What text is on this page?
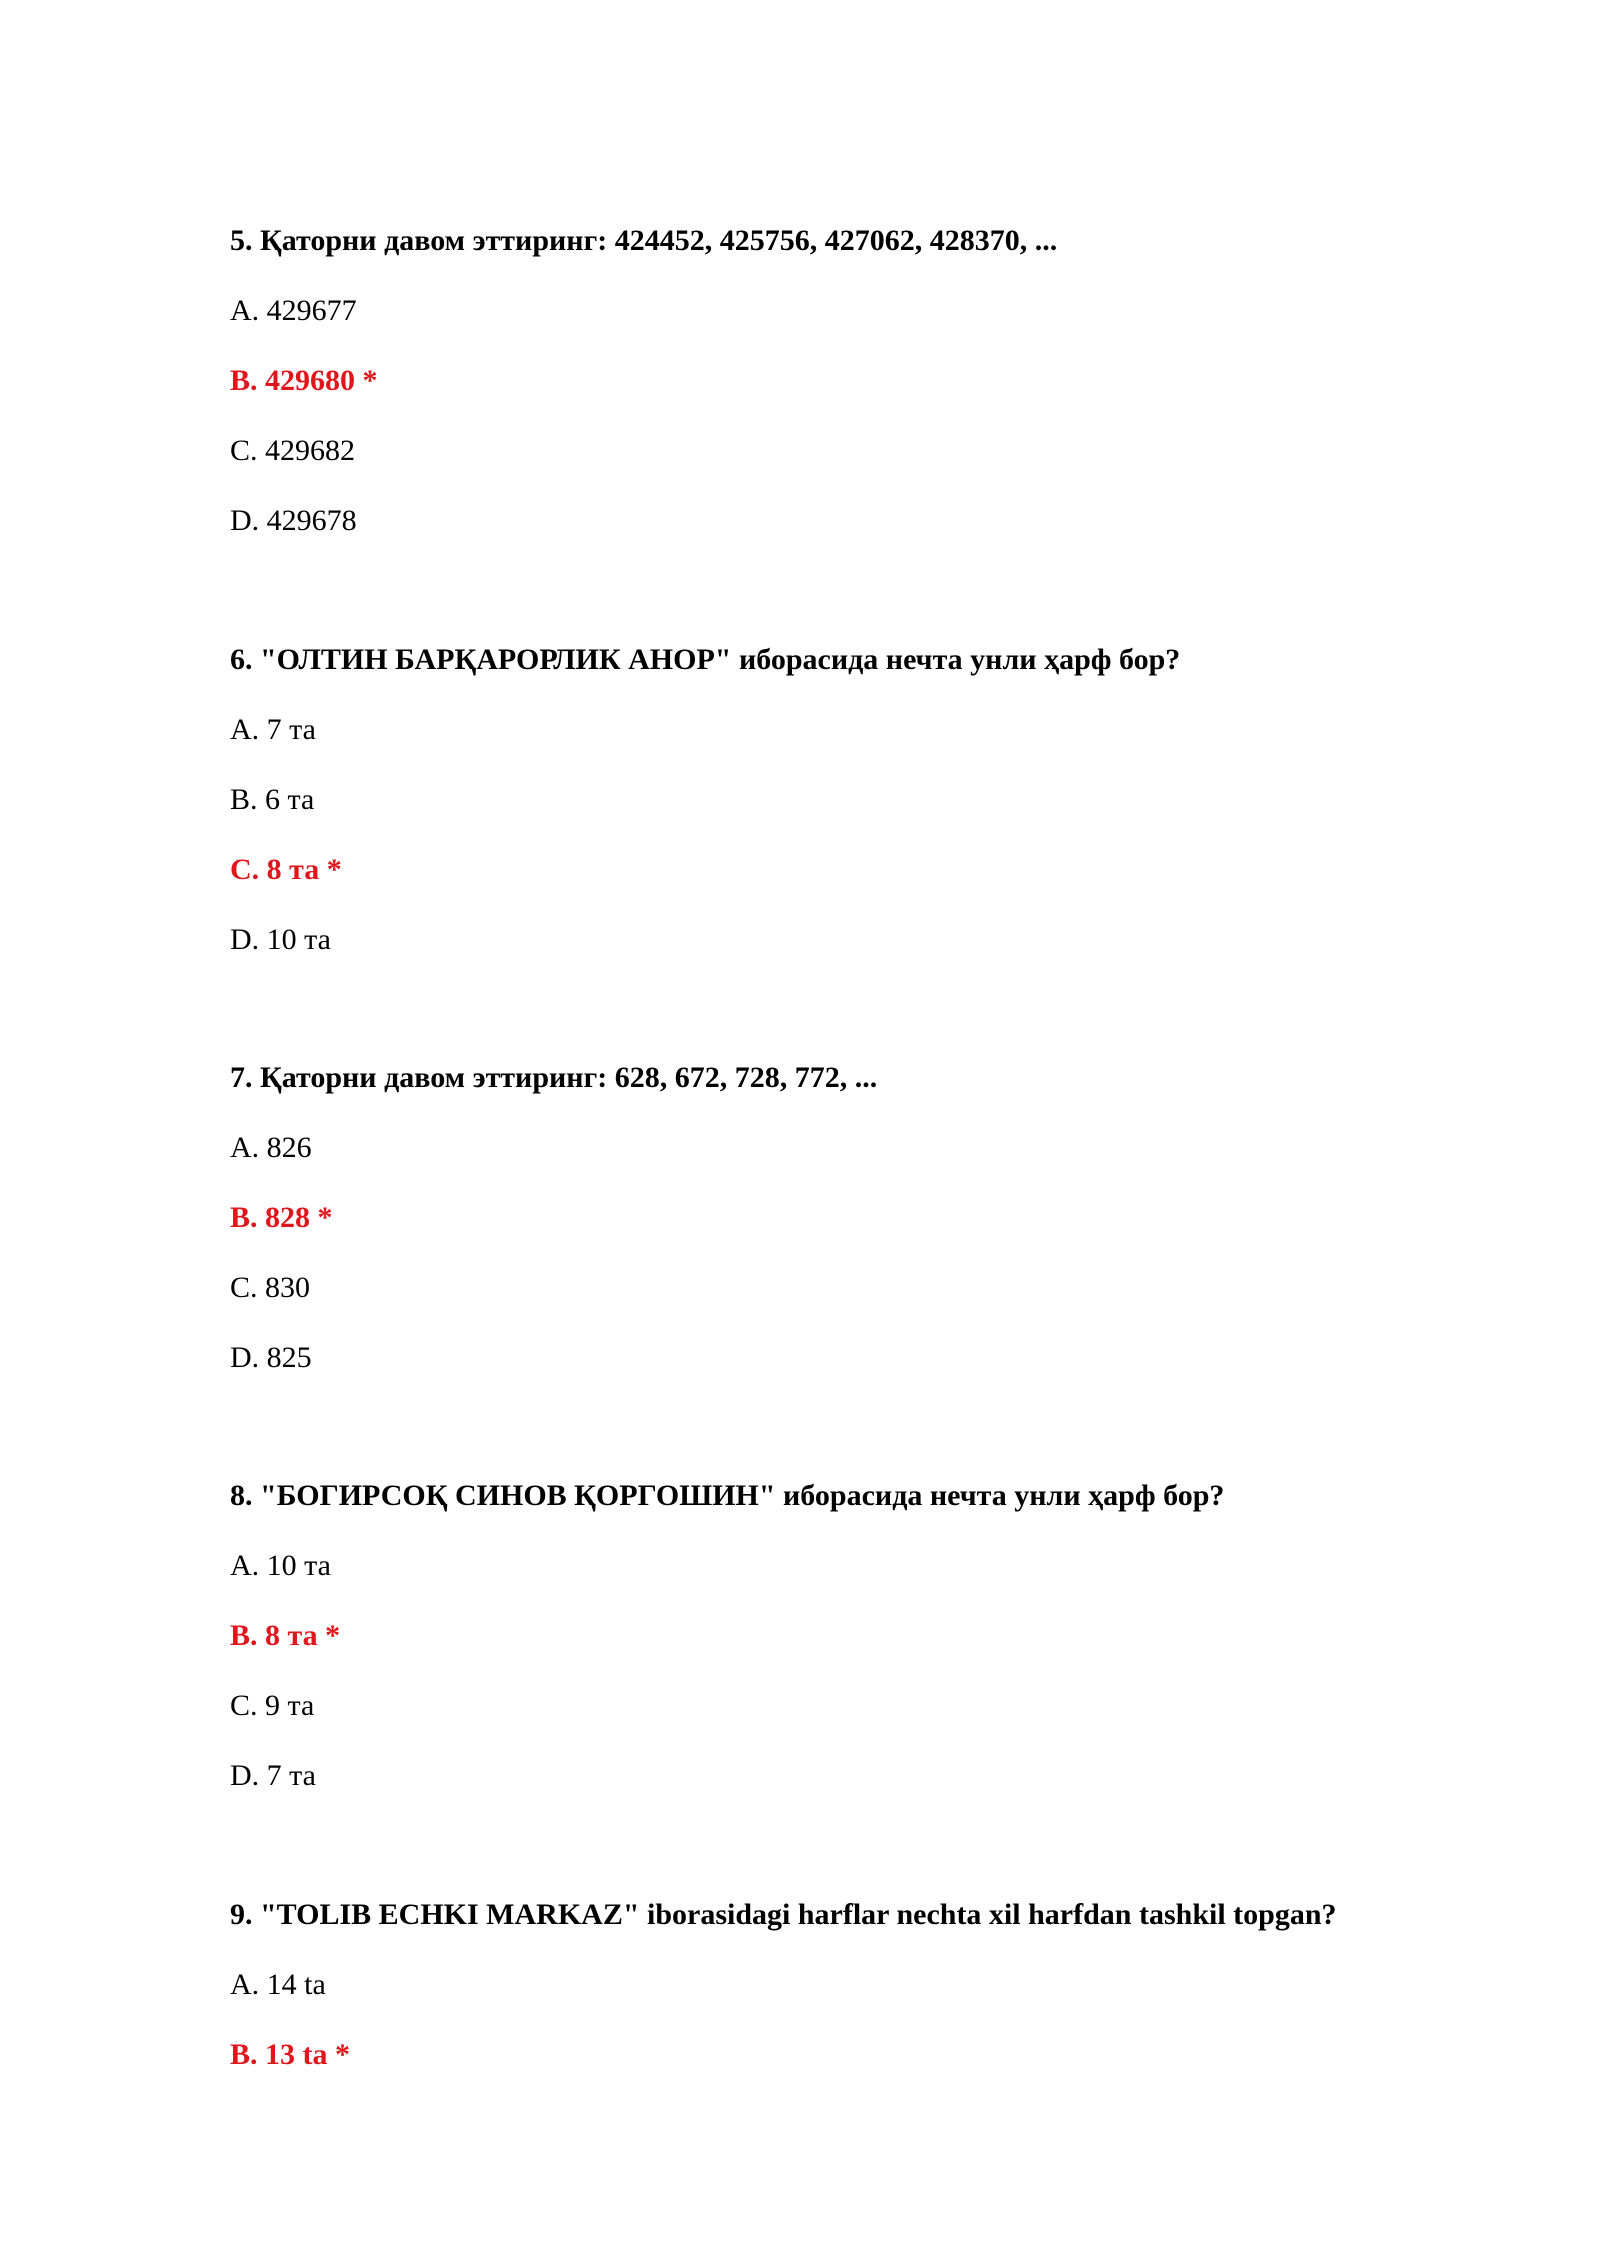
5. Қаторни давом эттиринг: 424452, 425756, 427062, 428370, ...
A. 429677
B. 429680 *
C. 429682
D. 429678
6. "ОЛТИН БАРҚАРОРЛИК АНОР" иборасида нечта унли ҳарф бор?
A. 7 та
B. 6 та
C. 8 та *
D. 10 та
7. Қаторни давом эттиринг: 628, 672, 728, 772, ...
A. 826
B. 828 *
C. 830
D. 825
8. "БОГИРСОҚ СИНОВ ҚОРГОШИН" иборасида нечта унли ҳарф бор?
A. 10 та
B. 8 та *
C. 9 та
D. 7 та
9. "TOLIB ECHKI MARKAZ" iborasidagi harflar nechta xil harfdan tashkil topgan?
A. 14 ta
B. 13 ta *
